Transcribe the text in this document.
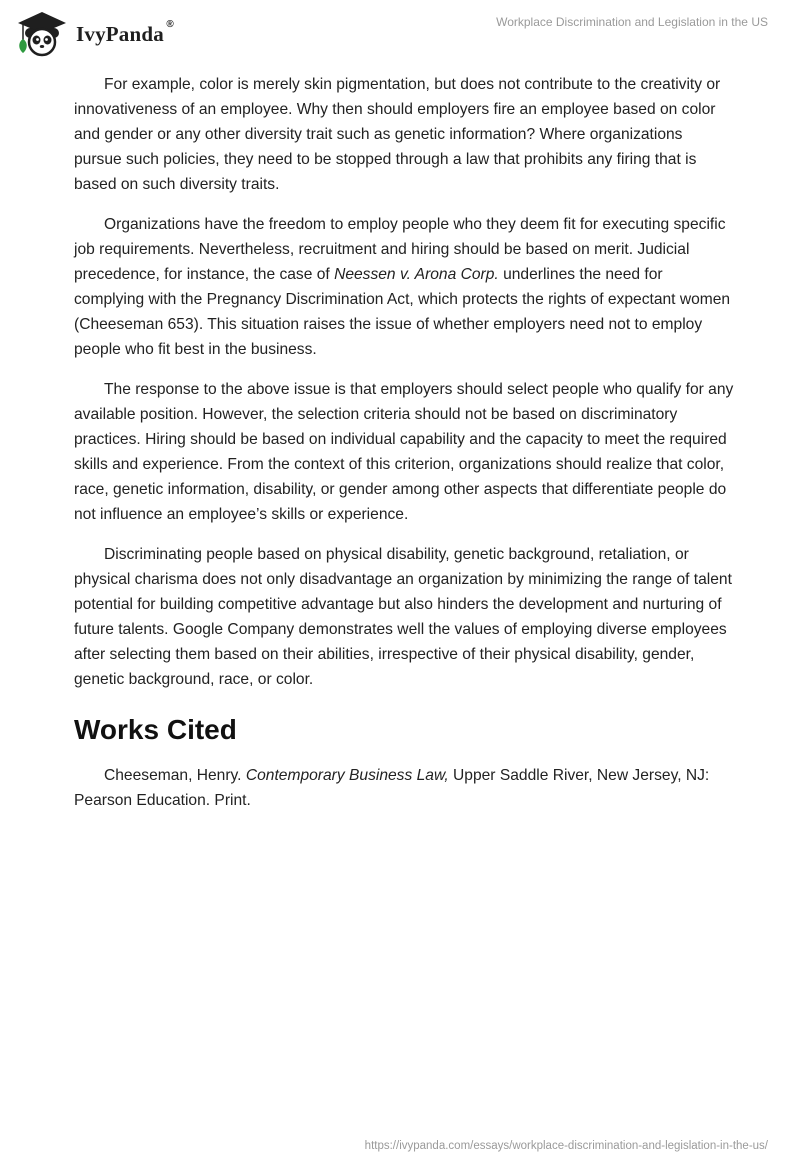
IvyPanda ®	Workplace Discrimination and Legislation in the US

For example, color is merely skin pigmentation, but does not contribute to the creativity or innovativeness of an employee. Why then should employers fire an employee based on color and gender or any other diversity trait such as genetic information? Where organizations pursue such policies, they need to be stopped through a law that prohibits any firing that is based on such diversity traits.

Organizations have the freedom to employ people who they deem fit for executing specific job requirements. Nevertheless, recruitment and hiring should be based on merit. Judicial precedence, for instance, the case of Neessen v. Arona Corp. underlines the need for complying with the Pregnancy Discrimination Act, which protects the rights of expectant women (Cheeseman 653). This situation raises the issue of whether employers need not to employ people who fit best in the business.

The response to the above issue is that employers should select people who qualify for any available position. However, the selection criteria should not be based on discriminatory practices. Hiring should be based on individual capability and the capacity to meet the required skills and experience. From the context of this criterion, organizations should realize that color, race, genetic information, disability, or gender among other aspects that differentiate people do not influence an employee’s skills or experience.

Discriminating people based on physical disability, genetic background, retaliation, or physical charisma does not only disadvantage an organization by minimizing the range of talent potential for building competitive advantage but also hinders the development and nurturing of future talents. Google Company demonstrates well the values of employing diverse employees after selecting them based on their abilities, irrespective of their physical disability, gender, genetic background, race, or color.

Works Cited

Cheeseman, Henry. Contemporary Business Law, Upper Saddle River, New Jersey, NJ: Pearson Education. Print.

https://ivypanda.com/essays/workplace-discrimination-and-legislation-in-the-us/
